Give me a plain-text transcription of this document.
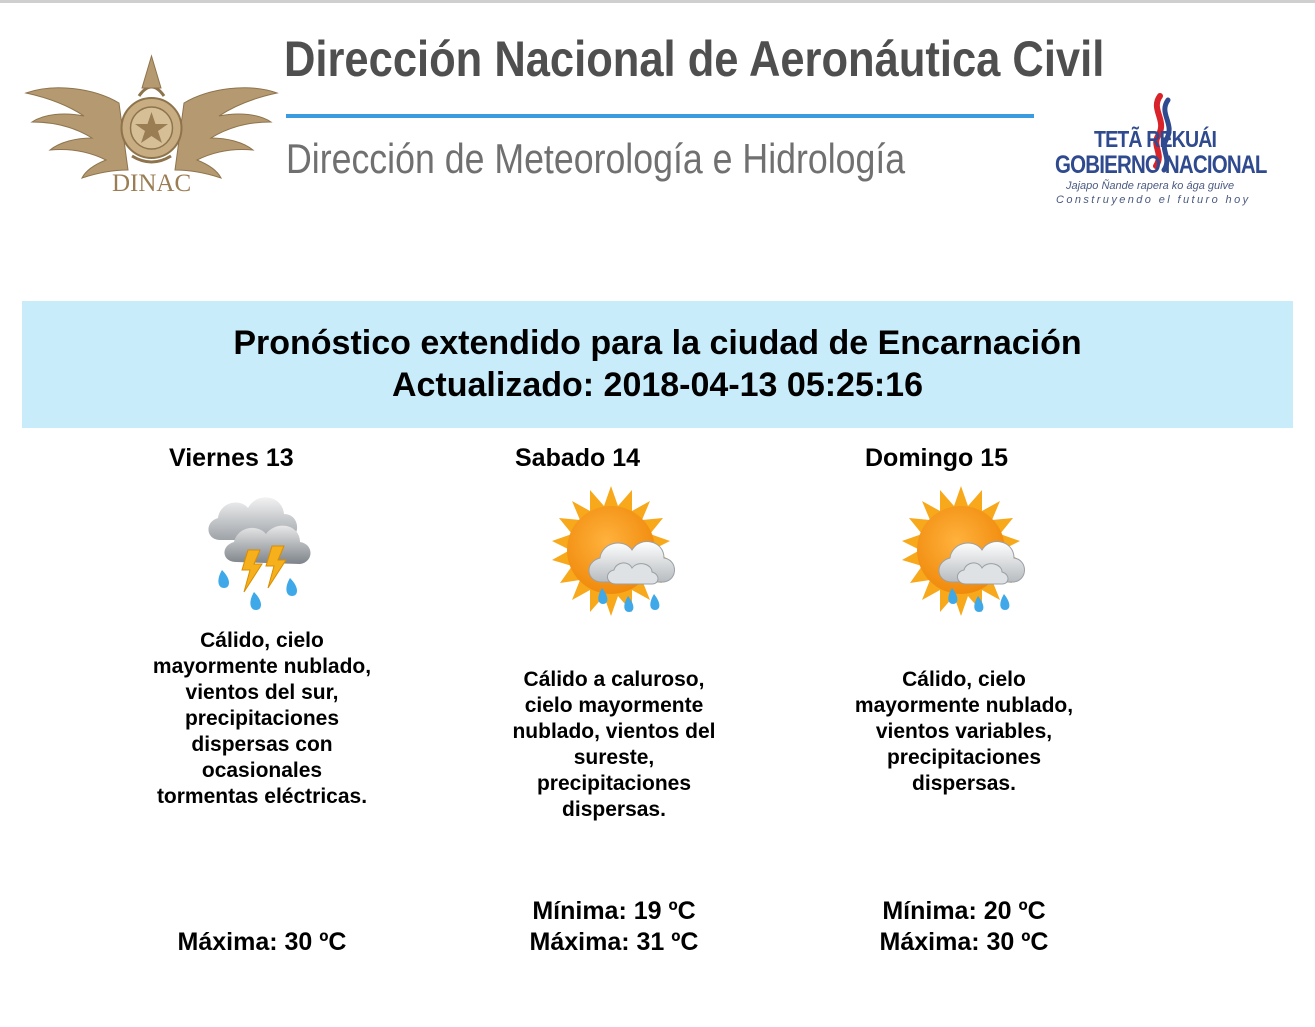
DINAC
Dirección Nacional de Aeronáutica Civil
Dirección de Meteorología e Hidrología	TETÃ REKUÁI
GOBIERNO NACIONAL
Jajapo Ñande rapera ko ága guive
Construyendo el futuro hoy
Pronóstico extendido para la ciudad de Encarnación
Actualizado: 2018-04-13 05:25:16
Viernes 13
Cálido, cielo mayormente nublado, vientos del sur, precipitaciones dispersas con ocasionales tormentas eléctricas.
Máxima: 30 ºC
Sabado 14
Cálido a caluroso, cielo mayormente nublado, vientos del sureste, precipitaciones dispersas.
Mínima: 19 ºC
Máxima: 31 ºC
Domingo 15
Cálido, cielo mayormente nublado, vientos variables, precipitaciones dispersas.
Mínima: 20 ºC
Máxima: 30 ºC
